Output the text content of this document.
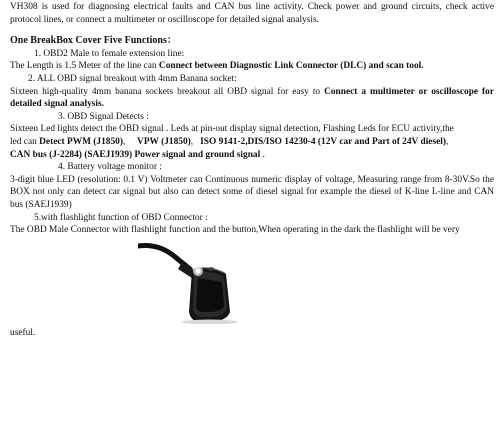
VH308 is used for diagnosing electrical faults and CAN bus line activity. Check power and ground circuits, check active protocol lines, or connect a multimeter or oscilloscope for detailed signal analysis.

One BreakBox Cover Five Functions：

1. OBD2 Male to female extension line:

The Length is 1.5 Meter of the line can Connect between Diagnostic Link Connector (DLC) and scan tool.

2. ALL OBD signal breakout with 4mm Banana socket:

Sixteen high-quality 4mm banana sockets breakout all OBD signal for easy to Connect a multimeter or oscilloscope for detailed signal analysis.

3. OBD Signal Detects :

Sixteen Led lights detect the OBD signal . Leds at pin-out display signal detection, Flashing Leds for ECU activity,the

led can Detect PWM (J1850),     VPW (J1850),   ISO 9141-2,DIS/ISO 14230-4 (12V car and Part of 24V diesel),

CAN bus (J-2284) (SAEJ1939) Power signal and ground signal .

4. Battery voltage monitor :

3-digit blue LED (resolution: 0.1 V) Voltmeter can Continuous numeric display of voltage, Measuring range from 8-30V.So the BOX not only can detect car signal but also can detect some of diesel signal for example the diesel of K-line L-line and CAN bus (SAEJ1939)

5.with flashlight function of OBD Connector :

The OBD Male Connector with flashlight function and the button,When operating in the dark the flashlight will be very

useful.
